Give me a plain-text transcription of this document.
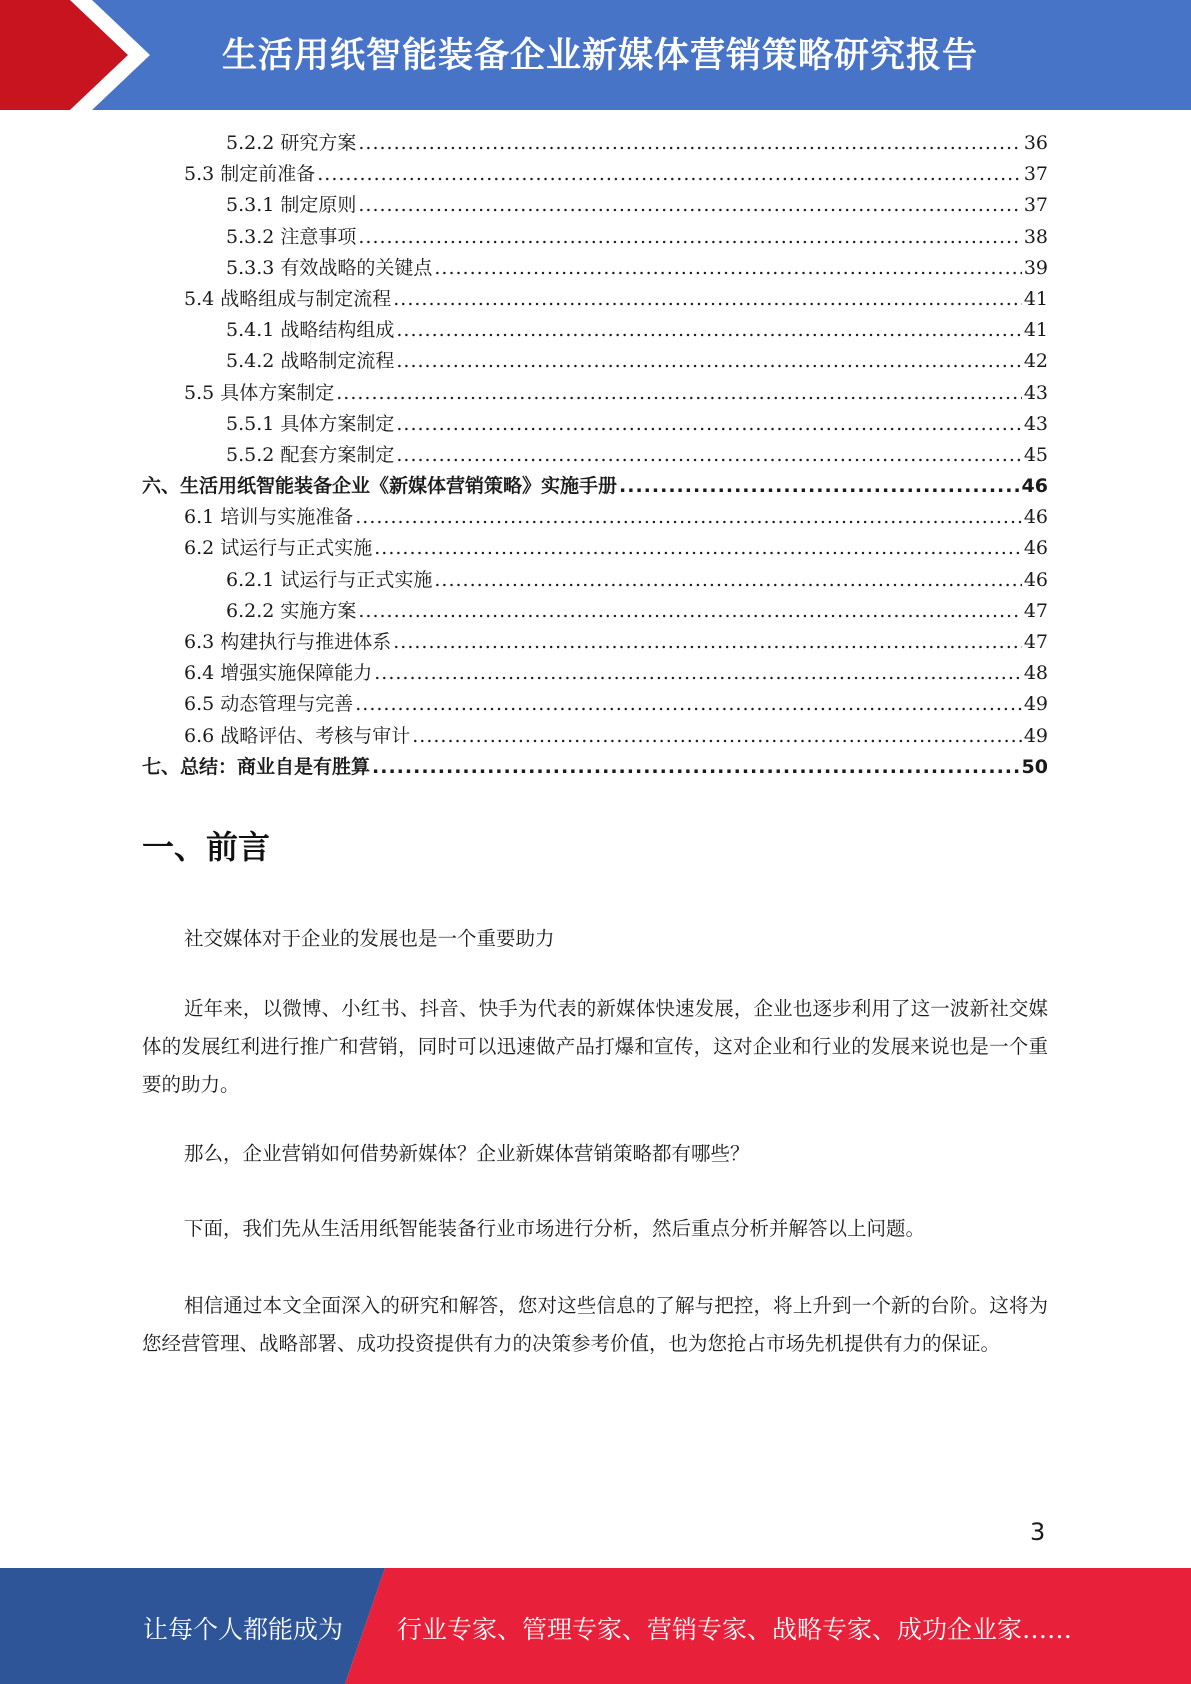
生活用纸智能装备企业新媒体营销策略研究报告
5.2.2 研究方案 .....	36
5.3 制定前准备 .....	37
5.3.1 制定原则 .....	37
5.3.2 注意事项 .....	38
5.3.3 有效战略的关键点 .....	39
5.4 战略组成与制定流程 .....	41
5.4.1 战略结构组成 .....	41
5.4.2 战略制定流程 .....	42
5.5 具体方案制定 .....	43
5.5.1 具体方案制定 .....	43
5.5.2 配套方案制定 .....	45
六、生活用纸智能装备企业《新媒体营销策略》实施手册 .....	46
6.1 培训与实施准备 .....	46
6.2 试运行与正式实施 .....	46
6.2.1 试运行与正式实施 .....	46
6.2.2 实施方案 .....	47
6.3 构建执行与推进体系 .....	47
6.4 增强实施保障能力 .....	48
6.5 动态管理与完善 .....	49
6.6 战略评估、考核与审计 .....	49
七、总结：商业自是有胜算 .....	50
一、前言

社交媒体对于企业的发展也是一个重要助力

近年来，以微博、小红书、抖音、快手为代表的新媒体快速发展，企业也逐步利用了这一波新社交媒体的发展红利进行推广和营销，同时可以迅速做产品打爆和宣传，这对企业和行业的发展来说也是一个重要的助力。

那么，企业营销如何借势新媒体？企业新媒体营销策略都有哪些？

下面，我们先从生活用纸智能装备行业市场进行分析，然后重点分析并解答以上问题。

相信通过本文全面深入的研究和解答，您对这些信息的了解与把控，将上升到一个新的台阶。这将为您经营管理、战略部署、成功投资提供有力的决策参考价值，也为您抢占市场先机提供有力的保证。

3
让每个人都能成为 行业专家、管理专家、营销专家、战略专家、成功企业家……
